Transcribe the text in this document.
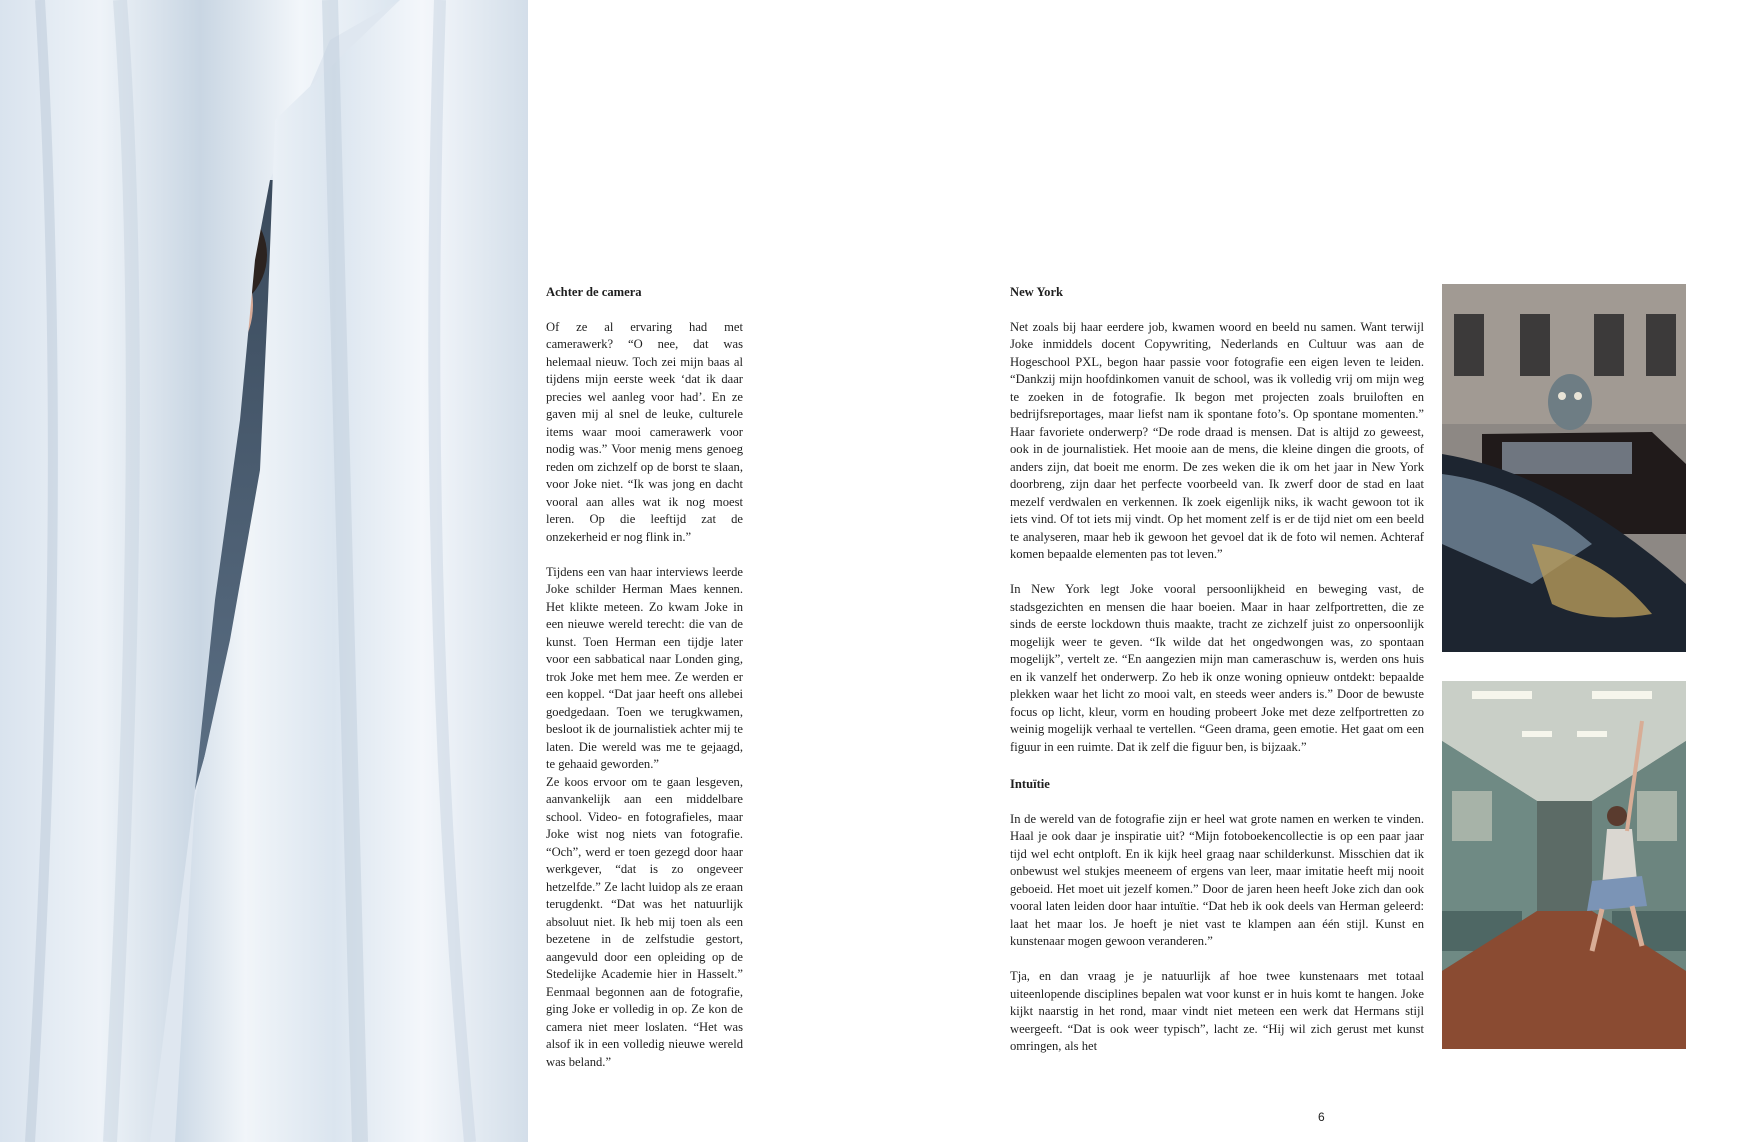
Achter de camera

Of ze al ervaring had met camerawerk? “O nee, dat was helemaal nieuw. Toch zei mijn baas al tijdens mijn eerste week ‘dat ik daar precies wel aanleg voor had’. En ze gaven mij al snel de leuke, culturele items waar mooi camerawerk voor nodig was.” Voor menig mens genoeg reden om zichzelf op de borst te slaan, voor Joke niet. “Ik was jong en dacht vooral aan alles wat ik nog moest leren. Op die leeftijd zat de onzekerheid er nog flink in.”

Tijdens een van haar interviews leerde Joke schilder Herman Maes kennen. Het klikte meteen. Zo kwam Joke in een nieuwe wereld terecht: die van de kunst. Toen Herman een tijdje later voor een sabbatical naar Londen ging, trok Joke met hem mee. Ze werden er een koppel. “Dat jaar heeft ons allebei goedgedaan. Toen we terugkwamen, besloot ik de journalistiek achter mij te laten. Die wereld was me te gejaagd, te gehaaid geworden.”

Ze koos ervoor om te gaan lesgeven, aanvankelijk aan een middelbare school. Video- en fotografieles, maar Joke wist nog niets van fotografie. “Och”, werd er toen gezegd door haar werkgever, “dat is zo ongeveer hetzelfde.” Ze lacht luidop als ze eraan terugdenkt. “Dat was het natuurlijk absoluut niet. Ik heb mij toen als een bezetene in de zelfstudie gestort, aangevuld door een opleiding op de Stedelijke Academie hier in Hasselt.” Eenmaal begonnen aan de fotografie, ging Joke er volledig in op. Ze kon de camera niet meer loslaten. “Het was alsof ik in een volledig nieuwe wereld was beland.”

New York

Net zoals bij haar eerdere job, kwamen woord en beeld nu samen. Want terwijl Joke inmiddels docent Copywriting, Nederlands en Cultuur was aan de Hogeschool PXL, begon haar passie voor fotografie een eigen leven te leiden. “Dankzij mijn hoofdinkomen vanuit de school, was ik volledig vrij om mijn weg te zoeken in de fotografie. Ik begon met projecten zoals bruiloften en bedrijfsreportages, maar liefst nam ik spontane foto’s. Op spontane momenten.” Haar favoriete onderwerp? “De rode draad is mensen. Dat is altijd zo geweest, ook in de journalistiek. Het mooie aan de mens, die kleine dingen die groots, of anders zijn, dat boeit me enorm. De zes weken die ik om het jaar in New York doorbreng, zijn daar het perfecte voorbeeld van. Ik zwerf door de stad en laat mezelf verdwalen en verkennen. Ik zoek eigenlijk niks, ik wacht gewoon tot ik iets vind. Of tot iets mij vindt. Op het moment zelf is er de tijd niet om een beeld te analyseren, maar heb ik gewoon het gevoel dat ik de foto wil nemen. Achteraf komen bepaalde elementen pas tot leven.”

In New York legt Joke vooral persoonlijkheid en beweging vast, de stadsgezichten en mensen die haar boeien. Maar in haar zelfportretten, die ze sinds de eerste lockdown thuis maakte, tracht ze zichzelf juist zo onpersoonlijk mogelijk weer te geven. “Ik wilde dat het ongedwongen was, zo spontaan mogelijk”, vertelt ze. “En aangezien mijn man cameraschuw is, werden ons huis en ik vanzelf het onderwerp. Zo heb ik onze woning opnieuw ontdekt: bepaalde plekken waar het licht zo mooi valt, en steeds weer anders is.” Door de bewuste focus op licht, kleur, vorm en houding probeert Joke met deze zelfportretten zo weinig mogelijk verhaal te vertellen. “Geen drama, geen emotie. Het gaat om een figuur in een ruimte. Dat ik zelf die figuur ben, is bijzaak.”

Intuïtie

In de wereld van de fotografie zijn er heel wat grote namen en werken te vinden. Haal je ook daar je inspiratie uit? “Mijn fotoboekencollectie is op een paar jaar tijd wel echt ontploft. En ik kijk heel graag naar schilderkunst. Misschien dat ik onbewust wel stukjes meeneem of ergens van leer, maar imitatie heeft mij nooit geboeid. Het moet uit jezelf komen.” Door de jaren heen heeft Joke zich dan ook vooral laten leiden door haar intuïtie. “Dat heb ik ook deels van Herman geleerd: laat het maar los. Je hoeft je niet vast te klampen aan één stijl. Kunst en kunstenaar mogen gewoon veranderen.”

Tja, en dan vraag je je natuurlijk af hoe twee kunstenaars met totaal uiteenlopende disciplines bepalen wat voor kunst er in huis komt te hangen. Joke kijkt naarstig in het rond, maar vindt niet meteen een werk dat Hermans stijl weergeeft. “Dat is ook weer typisch”, lacht ze. “Hij wil zich gerust met kunst omringen, als het

6
